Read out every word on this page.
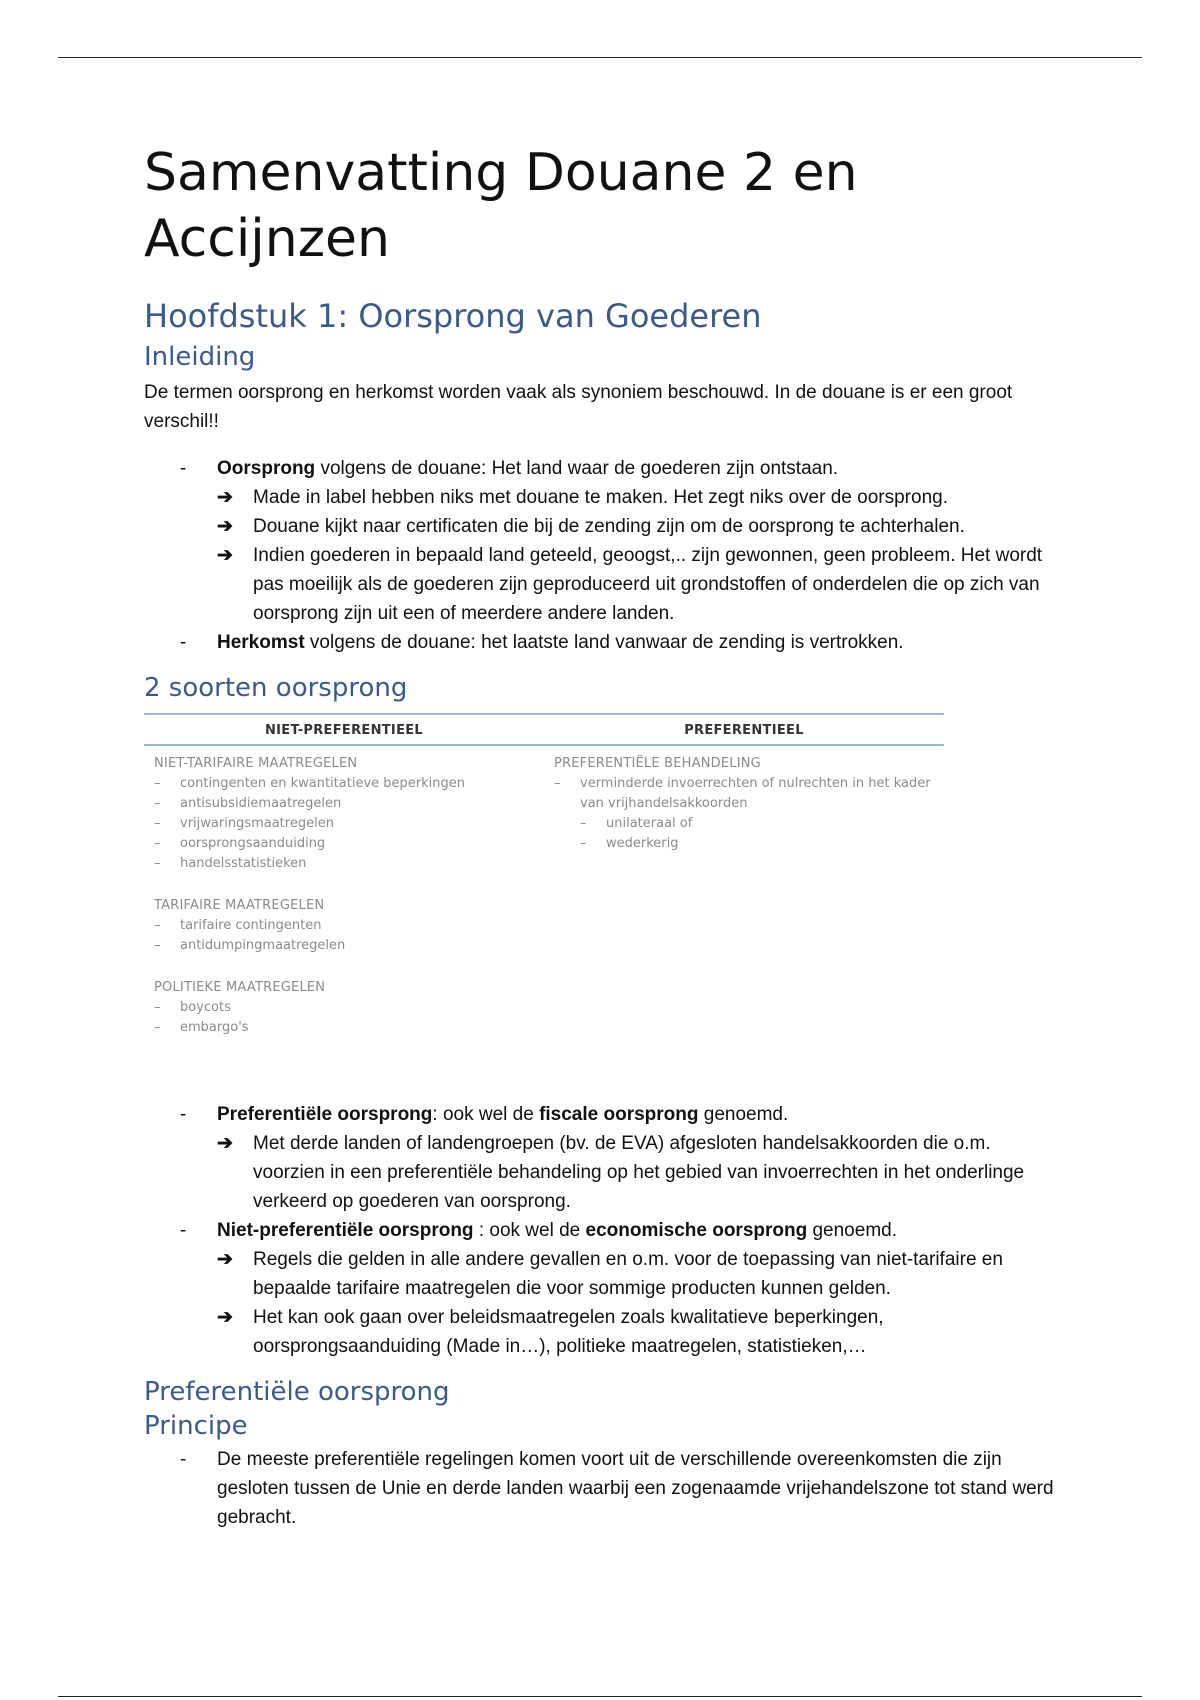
Samenvatting Douane 2 en Accijnzen
Hoofdstuk 1: Oorsprong van Goederen
Inleiding

De termen oorsprong en herkomst worden vaak als synoniem beschouwd. In de douane is er een groot verschil!!

- Oorsprong volgens de douane: Het land waar de goederen zijn ontstaan.
➔ Made in label hebben niks met douane te maken. Het zegt niks over de oorsprong.
➔ Douane kijkt naar certificaten die bij de zending zijn om de oorsprong te achterhalen.
➔ Indien goederen in bepaald land geteeld, geoogst,.. zijn gewonnen, geen probleem. Het wordt pas moeilijk als de goederen zijn geproduceerd uit grondstoffen of onderdelen die op zich van oorsprong zijn uit een of meerdere andere landen.
- Herkomst volgens de douane: het laatste land vanwaar de zending is vertrokken.
2 soorten oorsprong
NIET-PREFERENTIEEL	PREFERENTIEEL
NIET-TARIFAIRE MAATREGELEN
– contingenten en kwantitatieve beperkingen
– antisubsidiemaatregelen
– vrijwaringsmaatregelen
– oorsprongsaanduiding
– handelsstatistieken
TARIFAIRE MAATREGELEN
– tarifaire contingenten
– antidumpingmaatregelen
POLITIEKE MAATREGELEN
– boycots
– embargo's
PREFERENTIËLE BEHANDELING
– verminderde invoerrechten of nulrechten in het kader van vrijhandelsakkoorden
– unilateraal of
– wederkerig
- Preferentiële oorsprong: ook wel de fiscale oorsprong genoemd.
➔ Met derde landen of landengroepen (bv. de EVA) afgesloten handelsakkoorden die o.m. voorzien in een preferentiële behandeling op het gebied van invoerrechten in het onderlinge verkeerd op goederen van oorsprong.
- Niet-preferentiële oorsprong : ook wel de economische oorsprong genoemd.
➔ Regels die gelden in alle andere gevallen en o.m. voor de toepassing van niet-tarifaire en bepaalde tarifaire maatregelen die voor sommige producten kunnen gelden.
➔ Het kan ook gaan over beleidsmaatregelen zoals kwalitatieve beperkingen, oorsprongsaanduiding (Made in…), politieke maatregelen, statistieken,…
Preferentiële oorsprong
Principe
- De meeste preferentiële regelingen komen voort uit de verschillende overeenkomsten die zijn gesloten tussen de Unie en derde landen waarbij een zogenaamde vrijehandelszone tot stand werd gebracht.
